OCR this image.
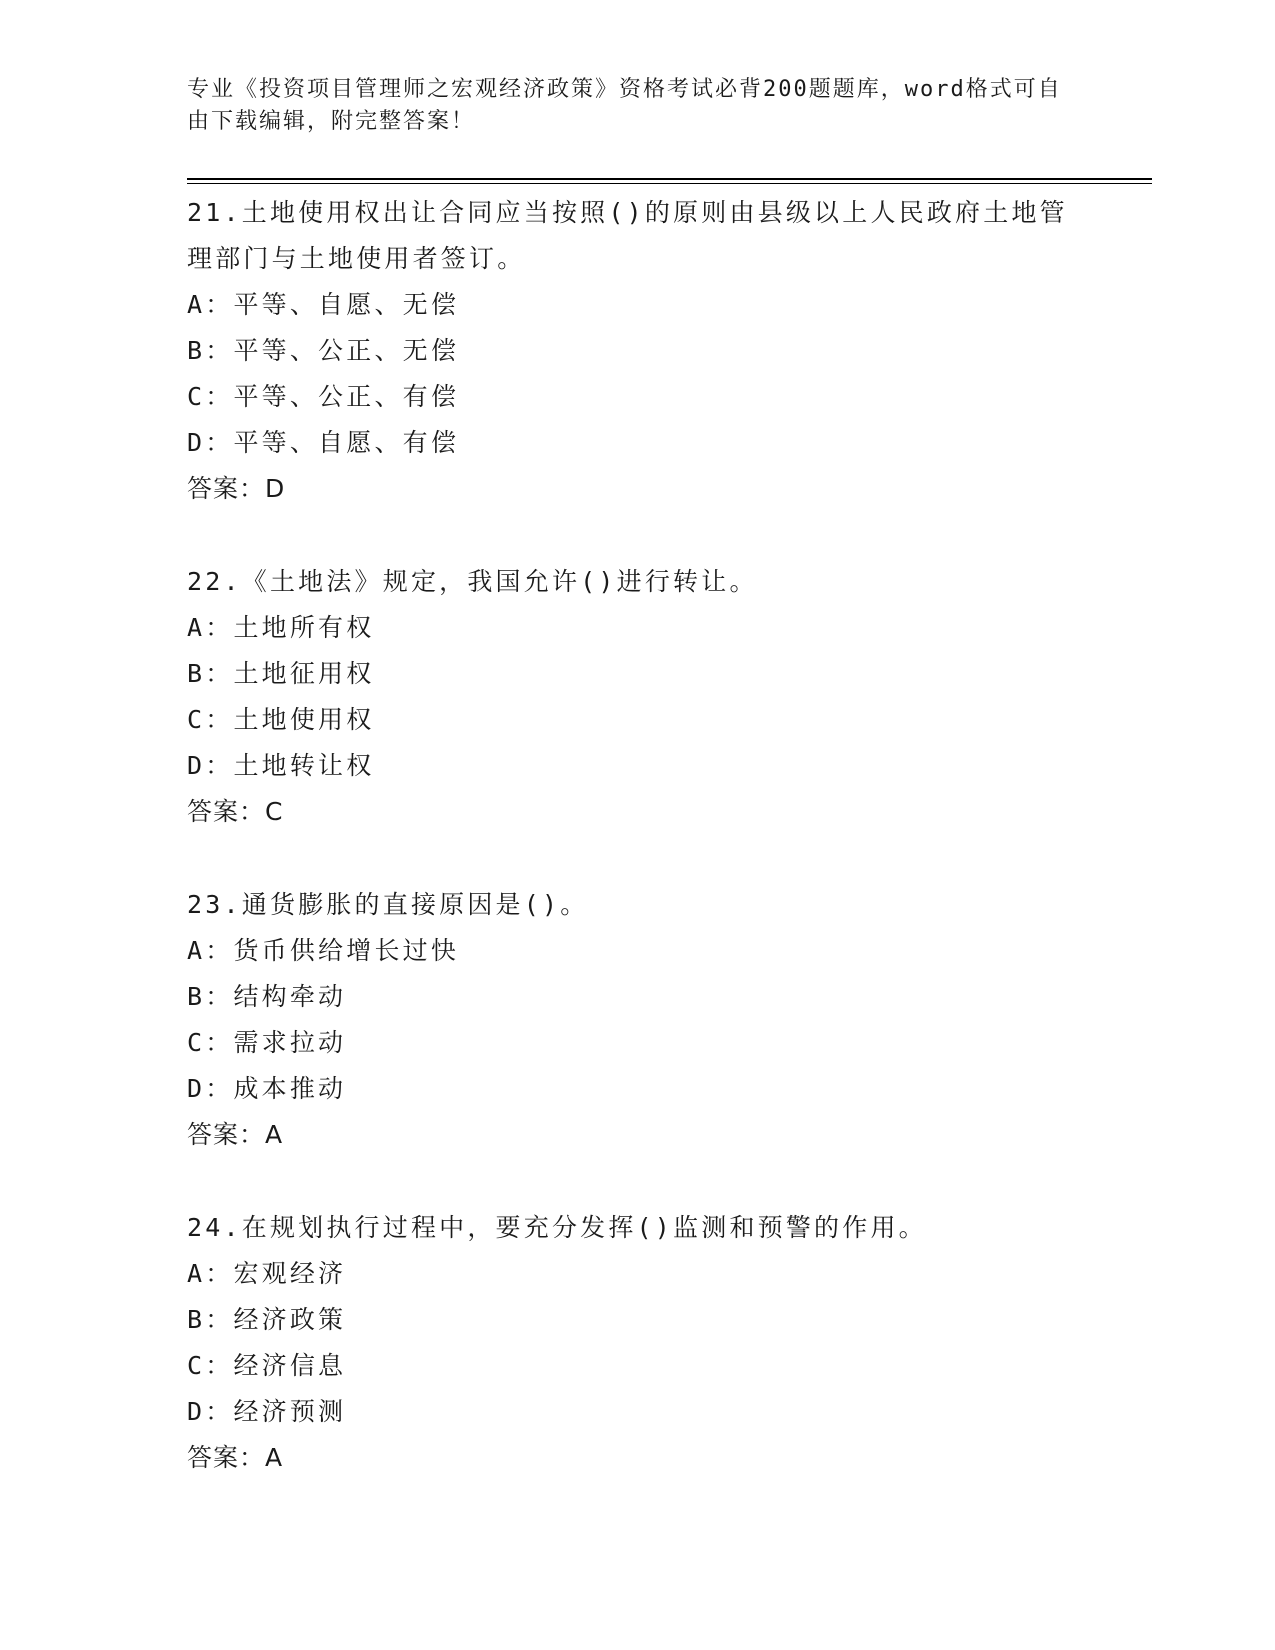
专业《投资项目管理师之宏观经济政策》资格考试必背200题题库，word格式可自由下载编辑，附完整答案！

21.土地使用权出让合同应当按照()的原则由县级以上人民政府土地管理部门与土地使用者签订。

A：平等、自愿、无偿
B：平等、公正、无偿
C：平等、公正、有偿
D：平等、自愿、有偿
答案：D

22.《土地法》规定，我国允许()进行转让。

A：土地所有权
B：土地征用权
C：土地使用权
D：土地转让权
答案：C

23.通货膨胀的直接原因是()。

A：货币供给增长过快
B：结构牵动
C：需求拉动
D：成本推动
答案：A

24.在规划执行过程中，要充分发挥()监测和预警的作用。

A：宏观经济
B：经济政策
C：经济信息
D：经济预测
答案：A
